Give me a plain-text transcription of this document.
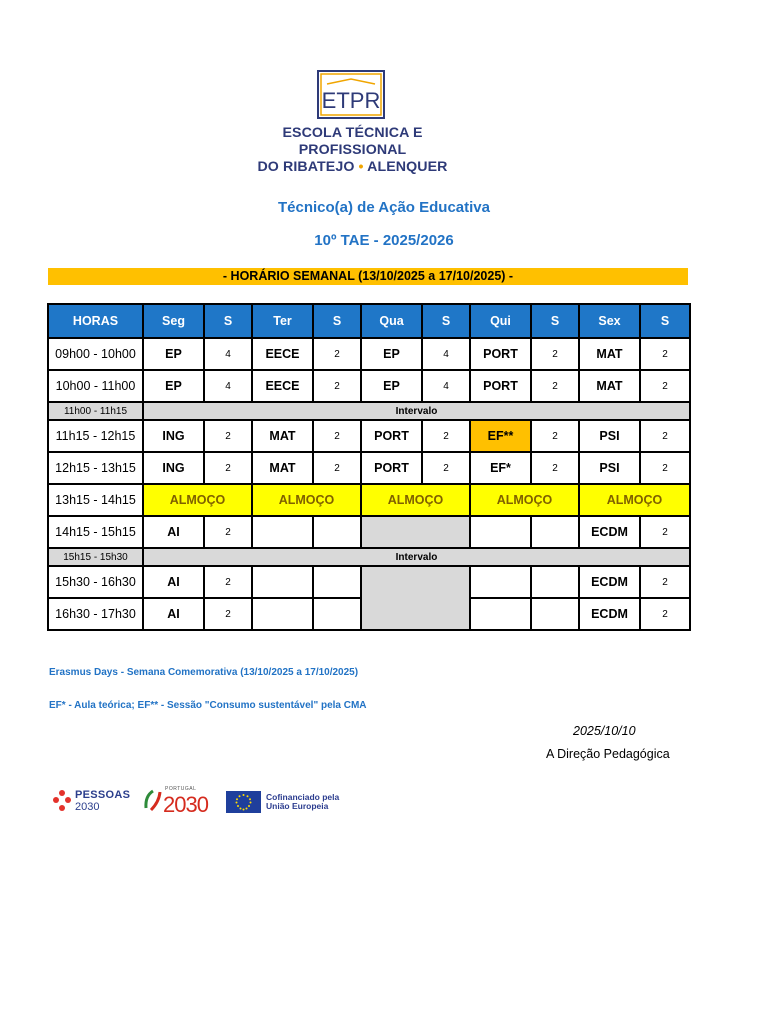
ETPR
ESCOLA TÉCNICA E PROFISSIONAL
DO RIBATEJO • ALENQUER
Técnico(a) de Ação Educativa
10º TAE - 2025/2026
- HORÁRIO SEMANAL (13/10/2025 a 17/10/2025) -
HORAS	Seg	S	Ter	S	Qua	S	Qui	S	Sex	S
09h00 - 10h00	EP	4	EECE	2	EP	4	PORT	2	MAT	2
10h00 - 11h00	EP	4	EECE	2	EP	4	PORT	2	MAT	2
11h00 - 11h15	Intervalo									
11h15 - 12h15	ING	2	MAT	2	PORT	2	EF**	2	PSI	2
12h15 - 13h15	ING	2	MAT	2	PORT	2	EF*	2	PSI	2
13h15 - 14h15	ALMOÇO		ALMOÇO		ALMOÇO		ALMOÇO		ALMOÇO	
14h15 - 15h15	AI	2							ECDM	2
15h15 - 15h30	Intervalo									
15h30 - 16h30	AI	2							ECDM	2
16h30 - 17h30	AI	2							ECDM	2
Erasmus Days - Semana Comemorativa (13/10/2025 a 17/10/2025)
EF* - Aula teórica; EF** - Sessão "Consumo sustentável" pela CMA
2025/10/10
A Direção Pedagógica
PESSOAS
2030
PORTUGAL
2030	Cofinanciado pela
União Europeia
